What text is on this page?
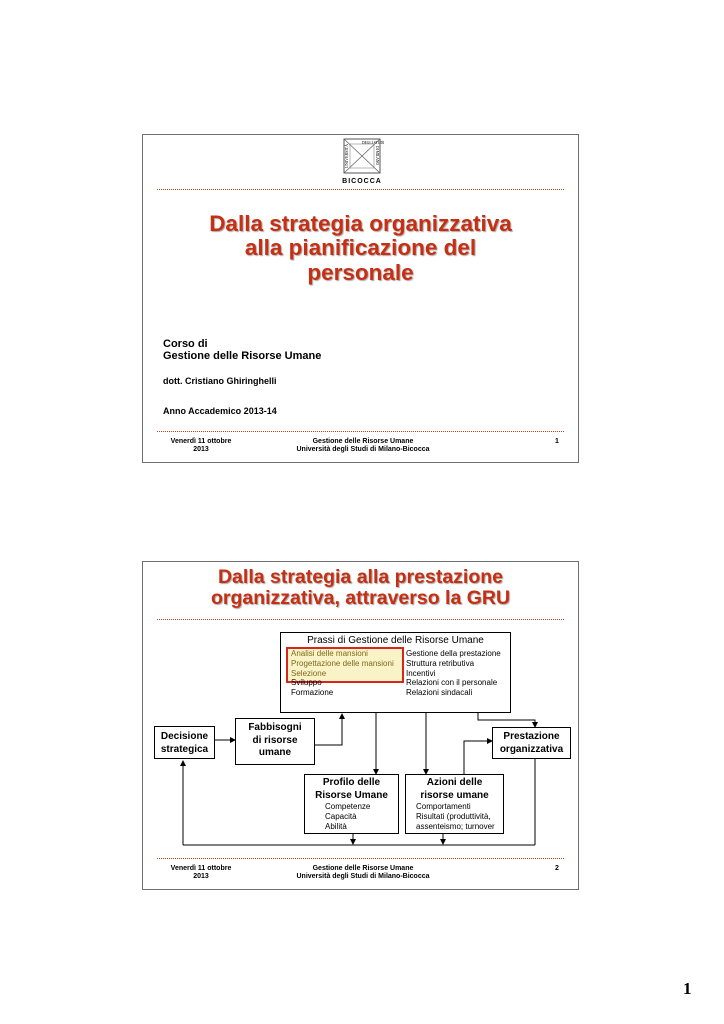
UNIVERSITÀ
DEGLI STUDI
DI MILANO
BICOCCA
Dalla strategia organizzativa
alla pianificazione del
personale
Corso di
Gestione delle Risorse Umane
dott. Cristiano Ghiringhelli
Anno Accademico 2013-14
Venerdì 11 ottobre
2013
Gestione delle Risorse Umane
Università degli Studi di Milano-Bicocca
1
Dalla strategia alla prestazione
organizzativa, attraverso la GRU
Prassi di Gestione delle Risorse Umane
Analisi delle mansioni
Progettazione delle mansioni
Selezione
Sviluppo
Formazione
Gestione della prestazione
Struttura retributiva
Incentivi
Relazioni con il personale
Relazioni sindacali
Decisione
strategica
Fabbisogni
di risorse
umane
Prestazione
organizzativa
Profilo delle
Risorse Umane
Competenze
Capacità
Abilità
Azioni delle
risorse umane
Comportamenti
Risultati (produttività,
assenteismo; turnover
Venerdì 11 ottobre
2013
Gestione delle Risorse Umane
Università degli Studi di Milano-Bicocca
2
1
